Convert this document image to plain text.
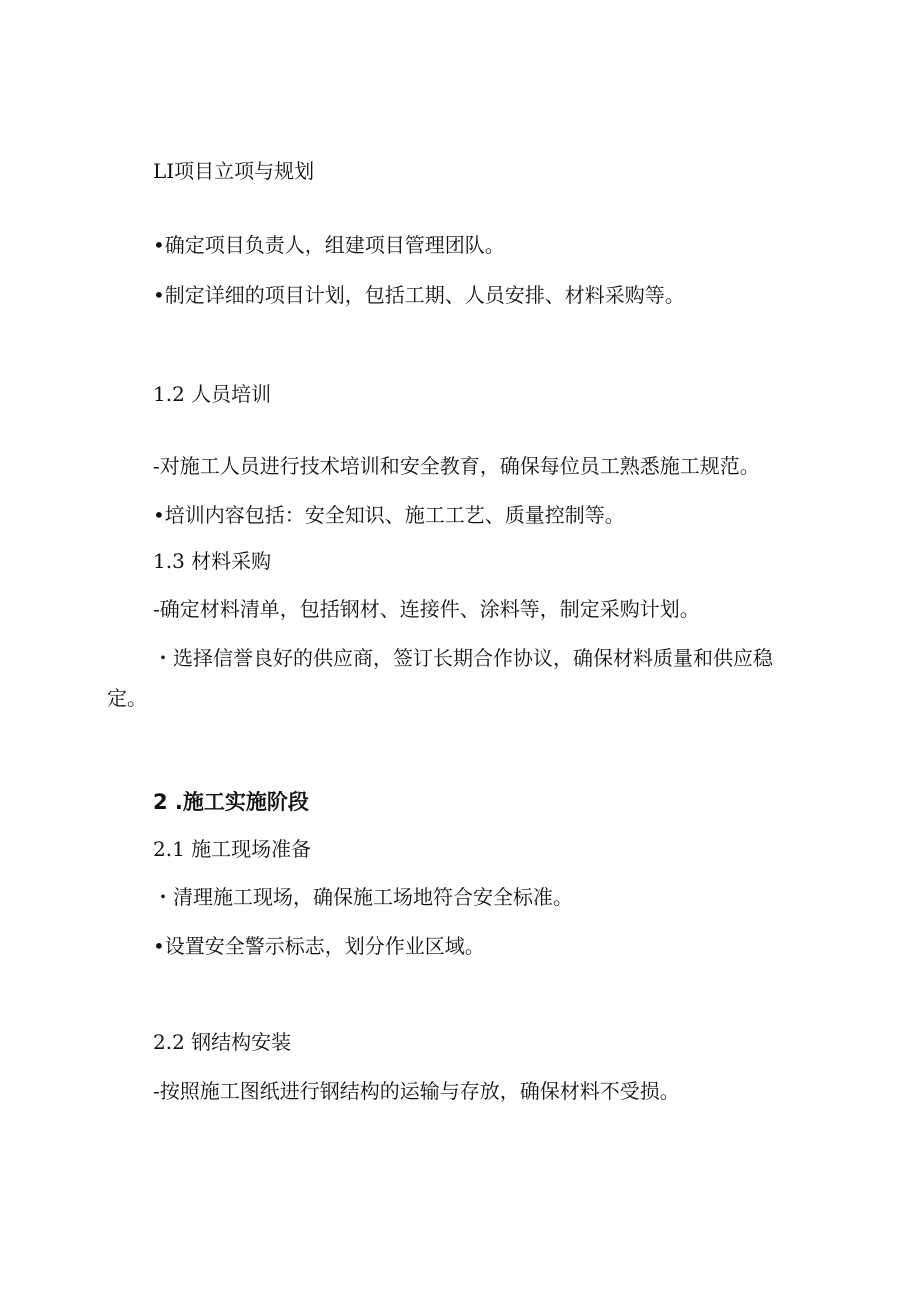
LI项目立项与规划
•确定项目负责人，组建项目管理团队。
•制定详细的项目计划，包括工期、人员安排、材料采购等。
1.2 人员培训
-对施工人员进行技术培训和安全教育，确保每位员工熟悉施工规范。
•培训内容包括：安全知识、施工工艺、质量控制等。
1.3 材料采购
-确定材料清单，包括钢材、连接件、涂料等，制定采购计划。
・选择信誉良好的供应商，签订长期合作协议，确保材料质量和供应稳定。
2 .施工实施阶段
2.1 施工现场准备
・清理施工现场，确保施工场地符合安全标准。
•设置安全警示标志，划分作业区域。
2.2 钢结构安装
-按照施工图纸进行钢结构的运输与存放，确保材料不受损。
